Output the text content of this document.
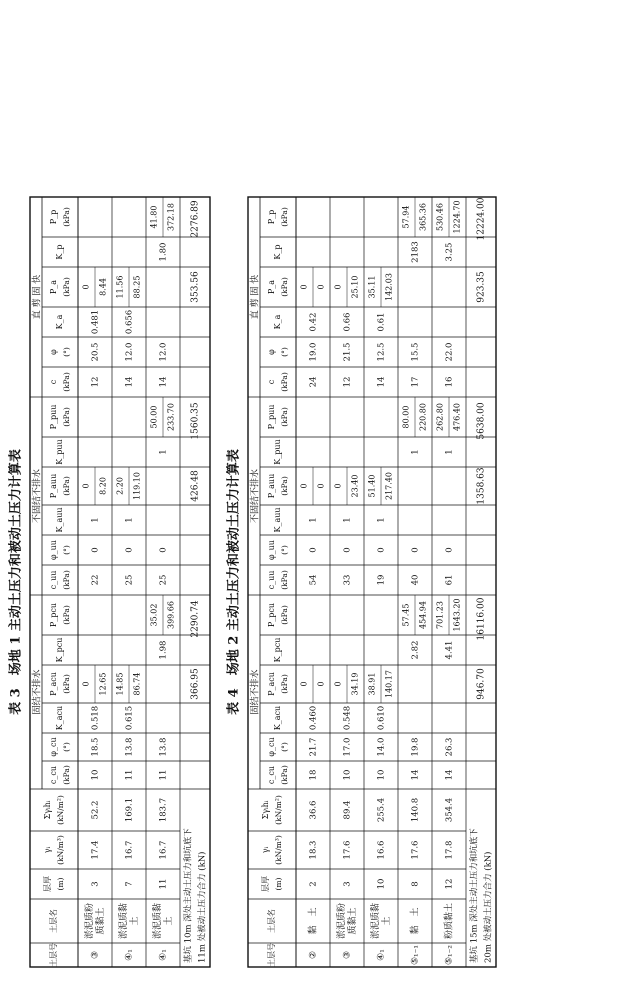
表 3　场地 1 主动土压力和被动土压力计算表 固结不排水
不固结不排水
直 剪 固 快
土层号
土层名
层厚 (m)
γᵢ (kN/m³)
Σγᵢhᵢ (kN/m²)
c_cu (kPa)
φ_cu (°)
K_acu
P_acu (kPa)
K_pcu
P_pcu (kPa)
c_uu (kPa)
φ_uu (°)
K_auu
P_auu (kPa)
K_puu
P_puu (kPa)
c (kPa)
φ (°)
K_a
P_a (kPa)
K_p
P_p (kPa)
③
淤泥质粉 质黏土
3
17.4
52.2
10
18.5
0.518
0 12.65
22
0
1
0 8.20
12
20.5
0.481
0 8.44
④₁
淤泥质黏 土
7
16.7
169.1
11
13.8
0.615
14.85 86.74
25
0
1
2.20 119.10
14
12.0
0.656
11.56 88.25
④₁
淤泥质黏 土
11
16.7
183.7
11
13.8
1.98
35.02 399.66
25
0
1
50.00 233.70
14
12.0
1.80
41.80 372.18
基坑 10m 深处主动土压力和坑底下 11m 处被动土压力合力 (kN)
366.95
2290.74
426.48
1560.35
353.56
2276.89
表 4　场地 2 主动土压力和被动土压力计算表 固结不排水
不固结不排水
直 剪 固 快
土层号
土层名
层厚 (m)
γᵢ (kN/m³)
Σγᵢhᵢ (kN/m²)
c_cu (kPa)
φ_cu (°)
K_acu
P_acu (kPa)
K_pcu
P_pcu (kPa)
c_uu (kPa)
φ_uu (°)
K_auu
P_auu (kPa)
K_puu
P_puu (kPa)
c (kPa)
φ (°)
K_a
P_a (kPa)
K_p
P_p (kPa)
②
黏　土
2
18.3
36.6
18
21.7
0.460
0 0
54
0
1
0 0
24
19.0
0.42
0 0
③
淤泥质粉 质黏土
3
17.6
89.4
10
17.0
0.548
0 34.19
33
0
1
0 23.40
12
21.5
0.66
0 25.10
④₁
淤泥质黏 土
10
16.6
255.4
10
14.0
0.610
38.91 140.17
19
0
1
51.40 217.40
14
12.5
0.61
35.11 142.03
⑤₁₋₁
黏　土
8
17.6
140.8
14
19.8
2.82
57.45 454.94
40
0
1
80.00 220.80
17
15.5
2183
57.94 365.36
⑤₁₋₂
粉质黏土
12
17.8
354.4
14
26.3
4.41
701.23 1643.20
61
0
1
262.80 476.40
16
22.0
3.25
530.46 1224.70
基坑 15m 深处主动土压力和坑底下 20m 处被动土压力合力 (kN)
946.70
16116.00
1358.63
5638.00
923.35
12224.00
